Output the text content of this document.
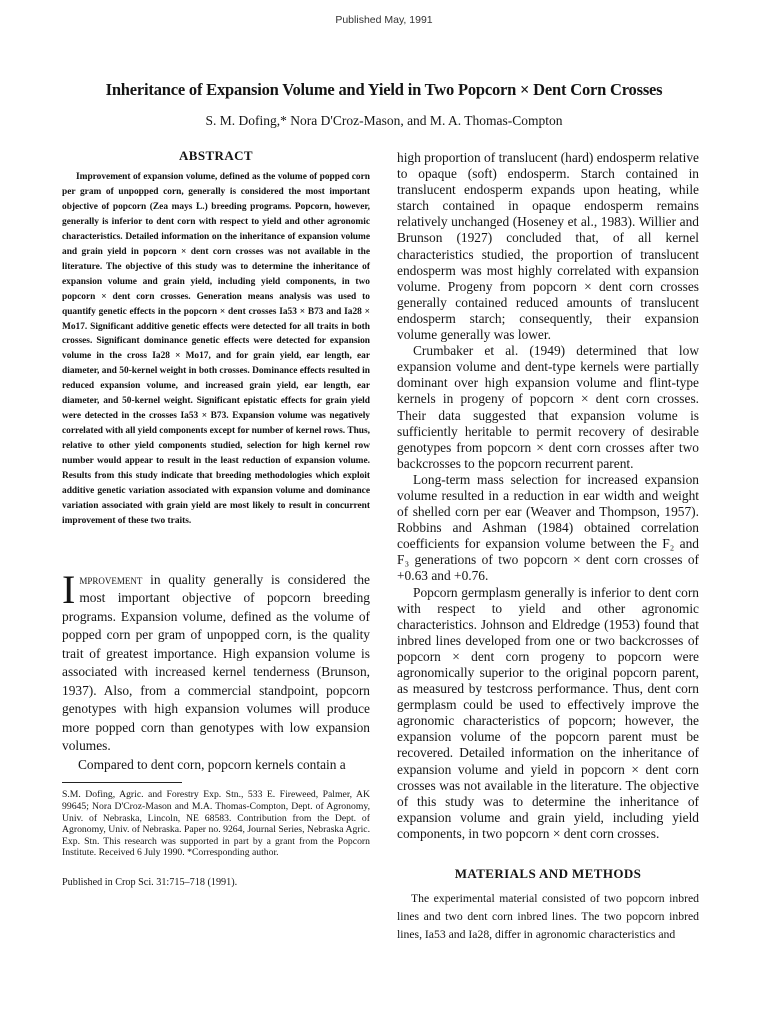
Published May, 1991
Inheritance of Expansion Volume and Yield in Two Popcorn × Dent Corn Crosses
S. M. Dofing,* Nora D'Croz-Mason, and M. A. Thomas-Compton
ABSTRACT

Improvement of expansion volume, defined as the volume of popped corn per gram of unpopped corn, generally is considered the most important objective of popcorn (Zea mays L.) breeding programs. Popcorn, however, generally is inferior to dent corn with respect to yield and other agronomic characteristics. Detailed information on the inheritance of expansion volume and grain yield in popcorn × dent corn crosses was not available in the literature. The objective of this study was to determine the inheritance of expansion volume and grain yield, including yield components, in two popcorn × dent corn crosses. Generation means analysis was used to quantify genetic effects in the popcorn × dent crosses Ia53 × B73 and Ia28 × Mo17. Significant additive genetic effects were detected for all traits in both crosses. Significant dominance genetic effects were detected for expansion volume in the cross Ia28 × Mo17, and for grain yield, ear length, ear diameter, and 50-kernel weight in both crosses. Dominance effects resulted in reduced expansion volume, and increased grain yield, ear length, ear diameter, and 50-kernel weight. Significant epistatic effects for grain yield were detected in the crosses Ia53 × B73. Expansion volume was negatively correlated with all yield components except for number of kernel rows. Thus, relative to other yield components studied, selection for high kernel row number would appear to result in the least reduction of expansion volume. Results from this study indicate that breeding methodologies which exploit additive genetic variation associated with expansion volume and dominance variation associated with grain yield are most likely to result in concurrent improvement of these two traits.

Improvement in quality generally is considered the most important objective of popcorn breeding programs. Expansion volume, defined as the volume of popped corn per gram of unpopped corn, is the quality trait of greatest importance. High expansion volume is associated with increased kernel tenderness (Brunson, 1937). Also, from a commercial standpoint, popcorn genotypes with high expansion volumes will produce more popped corn than genotypes with low expansion volumes.

Compared to dent corn, popcorn kernels contain a

S.M. Dofing, Agric. and Forestry Exp. Stn., 533 E. Fireweed, Palmer, AK 99645; Nora D'Croz-Mason and M.A. Thomas-Compton, Dept. of Agronomy, Univ. of Nebraska, Lincoln, NE 68583. Contribution from the Dept. of Agronomy, Univ. of Nebraska. Paper no. 9264, Journal Series, Nebraska Agric. Exp. Stn. This research was supported in part by a grant from the Popcorn Institute. Received 6 July 1990. *Corresponding author.
Published in Crop Sci. 31:715–718 (1991).

high proportion of translucent (hard) endosperm relative to opaque (soft) endosperm. Starch contained in translucent endosperm expands upon heating, while starch contained in opaque endosperm remains relatively unchanged (Hoseney et al., 1983). Willier and Brunson (1927) concluded that, of all kernel characteristics studied, the proportion of translucent endosperm was most highly correlated with expansion volume. Progeny from popcorn × dent corn crosses generally contained reduced amounts of translucent endosperm starch; consequently, their expansion volume generally was lower.

Crumbaker et al. (1949) determined that low expansion volume and dent-type kernels were partially dominant over high expansion volume and flint-type kernels in progeny of popcorn × dent corn crosses. Their data suggested that expansion volume is sufficiently heritable to permit recovery of desirable genotypes from popcorn × dent corn crosses after two backcrosses to the popcorn recurrent parent.

Long-term mass selection for increased expansion volume resulted in a reduction in ear width and weight of shelled corn per ear (Weaver and Thompson, 1957). Robbins and Ashman (1984) obtained correlation coefficients for expansion volume between the F₂ and F₃ generations of two popcorn × dent corn crosses of +0.63 and +0.76.

Popcorn germplasm generally is inferior to dent corn with respect to yield and other agronomic characteristics. Johnson and Eldredge (1953) found that inbred lines developed from one or two backcrosses of popcorn × dent corn progeny to popcorn were agronomically superior to the original popcorn parent, as measured by testcross performance. Thus, dent corn germplasm could be used to effectively improve the agronomic characteristics of popcorn; however, the expansion volume of the popcorn parent must be recovered. Detailed information on the inheritance of expansion volume and yield in popcorn × dent corn crosses was not available in the literature. The objective of this study was to determine the inheritance of expansion volume and grain yield, including yield components, in two popcorn × dent corn crosses.

MATERIALS AND METHODS

The experimental material consisted of two popcorn inbred lines and two dent corn inbred lines. The two popcorn inbred lines, Ia53 and Ia28, differ in agronomic characteristics and
